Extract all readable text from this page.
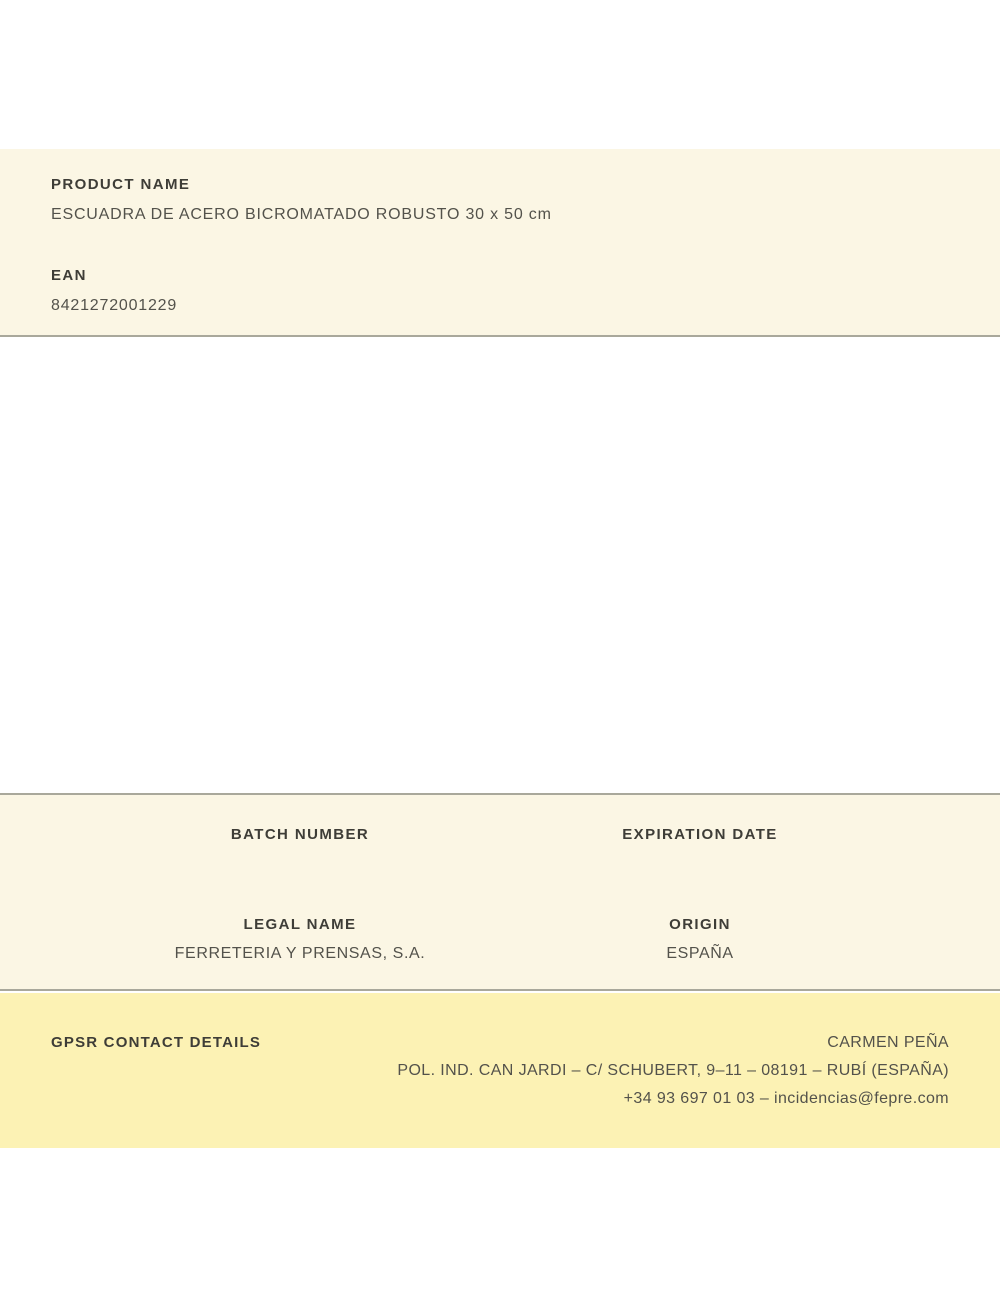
PRODUCT NAME
ESCUADRA DE ACERO BICROMATADO ROBUSTO 30 x 50 cm
EAN
8421272001229
BATCH NUMBER	EXPIRATION DATE
LEGAL NAME
FERRETERIA Y PRENSAS, S.A.
ORIGIN
ESPAÑA
GPSR CONTACT DETAILS	CARMEN PEÑA
POL. IND. CAN JARDI – C/ SCHUBERT, 9–11 – 08191 – RUBÍ (ESPAÑA)
+34 93 697 01 03 – incidencias@fepre.com
